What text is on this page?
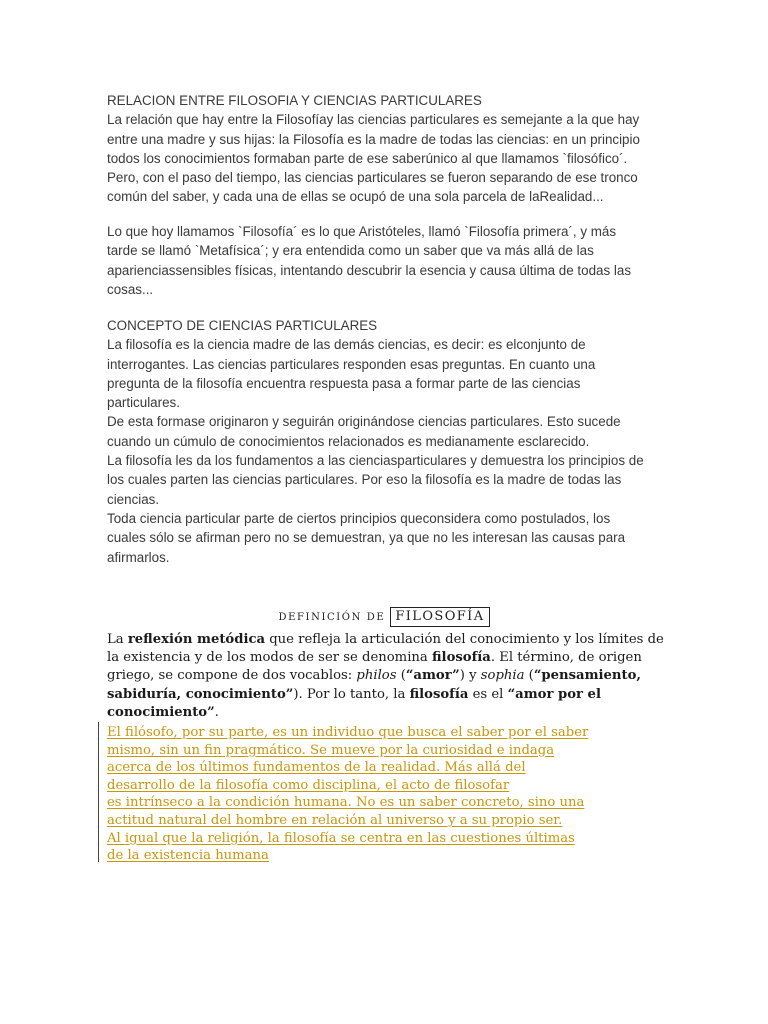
RELACION ENTRE FILOSOFIA Y CIENCIAS PARTICULARES

La relación que hay entre la Filosofíay las ciencias particulares es semejante a la que hay

entre una madre y sus hijas: la Filosofía es la madre de todas las ciencias: en un principio

todos los conocimientos formaban parte de ese saberúnico al que llamamos `filosófico´.

Pero, con el paso del tiempo, las ciencias particulares se fueron separando de ese tronco

común del saber, y cada una de ellas se ocupó de una sola parcela de laRealidad...

Lo que hoy llamamos `Filosofía´ es lo que Aristóteles, llamó `Filosofía primera´, y más

tarde se llamó `Metafísica´; y era entendida como un saber que va más allá de las

aparienciassensibles físicas, intentando descubrir la esencia y causa última de todas las

cosas...

CONCEPTO DE CIENCIAS PARTICULARES

La filosofía es la ciencia madre de las demás ciencias, es decir: es elconjunto de

interrogantes. Las ciencias particulares responden esas preguntas. En cuanto una

pregunta de la filosofía encuentra respuesta pasa a formar parte de las ciencias

particulares.

De esta formase originaron y seguirán originándose ciencias particulares. Esto sucede

cuando un cúmulo de conocimientos relacionados es medianamente esclarecido.

La filosofía les da los fundamentos a las cienciasparticulares y demuestra los principios de

los cuales parten las ciencias particulares. Por eso la filosofía es la madre de todas las

ciencias.

Toda ciencia particular parte de ciertos principios queconsidera como postulados, los

cuales sólo se afirman pero no se demuestran, ya que no les interesan las causas para

afirmarlos.

DEFINICIÓN DE FILOSOFÍA

La reflexión metódica que refleja la articulación del conocimiento y los límites de la existencia y de los modos de ser se denomina filosofía. El término, de origen griego, se compone de dos vocablos: philos (“amor”) y sophia (“pensamiento, sabiduría, conocimiento”). Por lo tanto, la filosofía es el “amor por el conocimiento”.

El filósofo, por su parte, es un individuo que busca el saber por el saber
mismo, sin un fin pragmático. Se mueve por la curiosidad e indaga
acerca de los últimos fundamentos de la realidad. Más allá del
desarrollo de la filosofía como disciplina, el acto de filosofar
es intrínseco a la condición humana. No es un saber concreto, sino una
actitud natural del hombre en relación al universo y a su propio ser.
Al igual que la religión, la filosofía se centra en las cuestiones últimas
de la existencia humana
